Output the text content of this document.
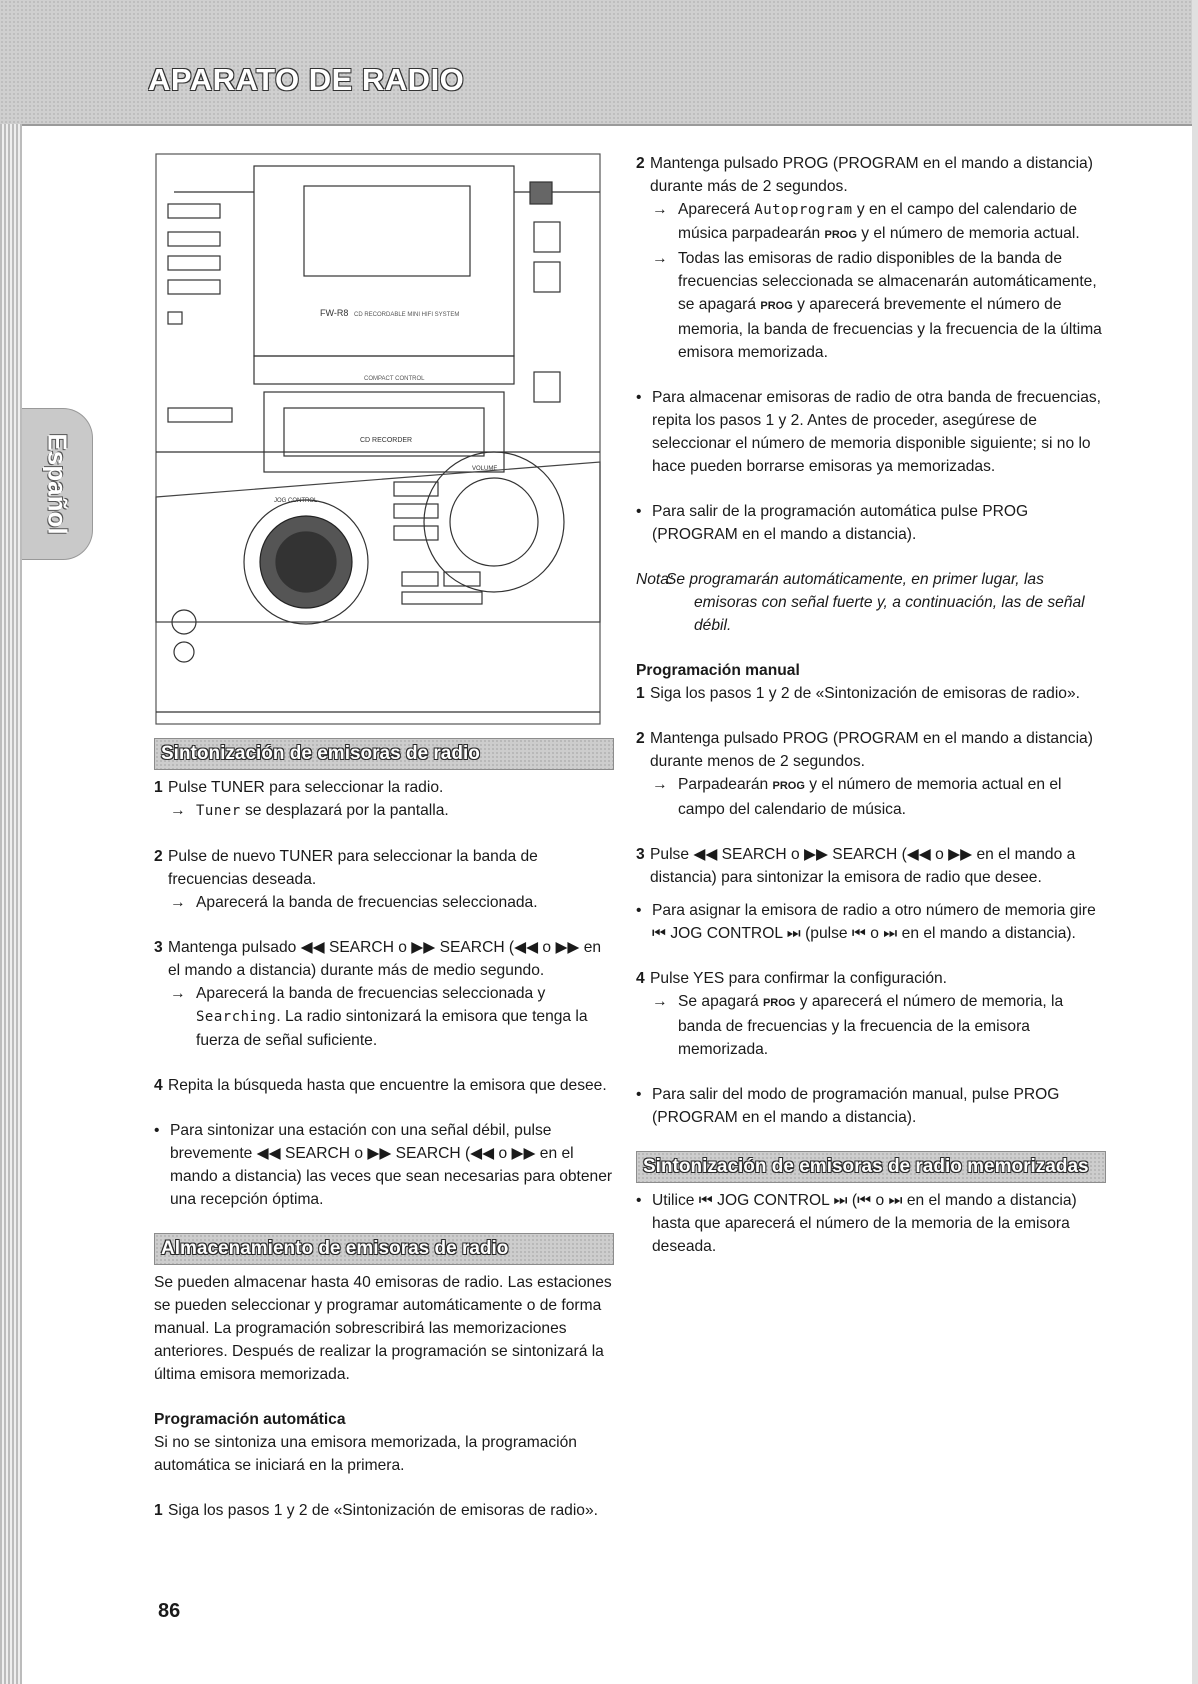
APARATO DE RADIO
Español
FW-R8 CD RECORDABLE MINI HIFI SYSTEM
COMPACT CONTROL
CD RECORDER
JOG CONTROL
VOLUME
Sintonización de emisoras de radio
1 Pulse TUNER para seleccionar la radio.
→ Tuner se desplazará por la pantalla.
2 Pulse de nuevo TUNER para seleccionar la banda de frecuencias deseada.
→ Aparecerá la banda de frecuencias seleccionada.
3 Mantenga pulsado ◀◀ SEARCH o ▶▶ SEARCH (◀◀ o ▶▶ en el mando a distancia) durante más de medio segundo.
→ Aparecerá la banda de frecuencias seleccionada y Searching. La radio sintonizará la emisora que tenga la fuerza de señal suficiente.
4 Repita la búsqueda hasta que encuentre la emisora que desee.
• Para sintonizar una estación con una señal débil, pulse brevemente ◀◀ SEARCH o ▶▶ SEARCH (◀◀ o ▶▶ en el mando a distancia) las veces que sean necesarias para obtener una recepción óptima.
Almacenamiento de emisoras de radio
Se pueden almacenar hasta 40 emisoras de radio. Las estaciones se pueden seleccionar y programar automáticamente o de forma manual. La programación sobrescribirá las memorizaciones anteriores. Después de realizar la programación se sintonizará la última emisora memorizada.
Programación automática
Si no se sintoniza una emisora memorizada, la programación automática se iniciará en la primera.
1 Siga los pasos 1 y 2 de «Sintonización de emisoras de radio».
2 Mantenga pulsado PROG (PROGRAM en el mando a distancia) durante más de 2 segundos.
→ Aparecerá Autoprogram y en el campo del calendario de música parpadearán PROG y el número de memoria actual.
→ Todas las emisoras de radio disponibles de la banda de frecuencias seleccionada se almacenarán automáticamente, se apagará PROG y aparecerá brevemente el número de memoria, la banda de frecuencias y la frecuencia de la última emisora memorizada.
• Para almacenar emisoras de radio de otra banda de frecuencias, repita los pasos 1 y 2. Antes de proceder, asegúrese de seleccionar el número de memoria disponible siguiente; si no lo hace pueden borrarse emisoras ya memorizadas.
• Para salir de la programación automática pulse PROG (PROGRAM en el mando a distancia).
Nota:
Se programarán automáticamente, en primer lugar, las emisoras con señal fuerte y, a continuación, las de señal débil.
Programación manual
1 Siga los pasos 1 y 2 de «Sintonización de emisoras de radio».
2 Mantenga pulsado PROG (PROGRAM en el mando a distancia) durante menos de 2 segundos.
→ Parpadearán PROG y el número de memoria actual en el campo del calendario de música.
3 Pulse ◀◀ SEARCH o ▶▶ SEARCH (◀◀ o ▶▶ en el mando a distancia) para sintonizar la emisora de radio que desee.
• Para asignar la emisora de radio a otro número de memoria gire ⏮ JOG CONTROL ⏭ (pulse ⏮ o ⏭ en el mando a distancia).
4 Pulse YES para confirmar la configuración.
→ Se apagará PROG y aparecerá el número de memoria, la banda de frecuencias y la frecuencia de la emisora memorizada.
• Para salir del modo de programación manual, pulse PROG (PROGRAM en el mando a distancia).
Sintonización de emisoras de radio memorizadas
• Utilice ⏮ JOG CONTROL ⏭ (⏮ o ⏭ en el mando a distancia) hasta que aparecerá el número de la memoria de la emisora deseada.
86
